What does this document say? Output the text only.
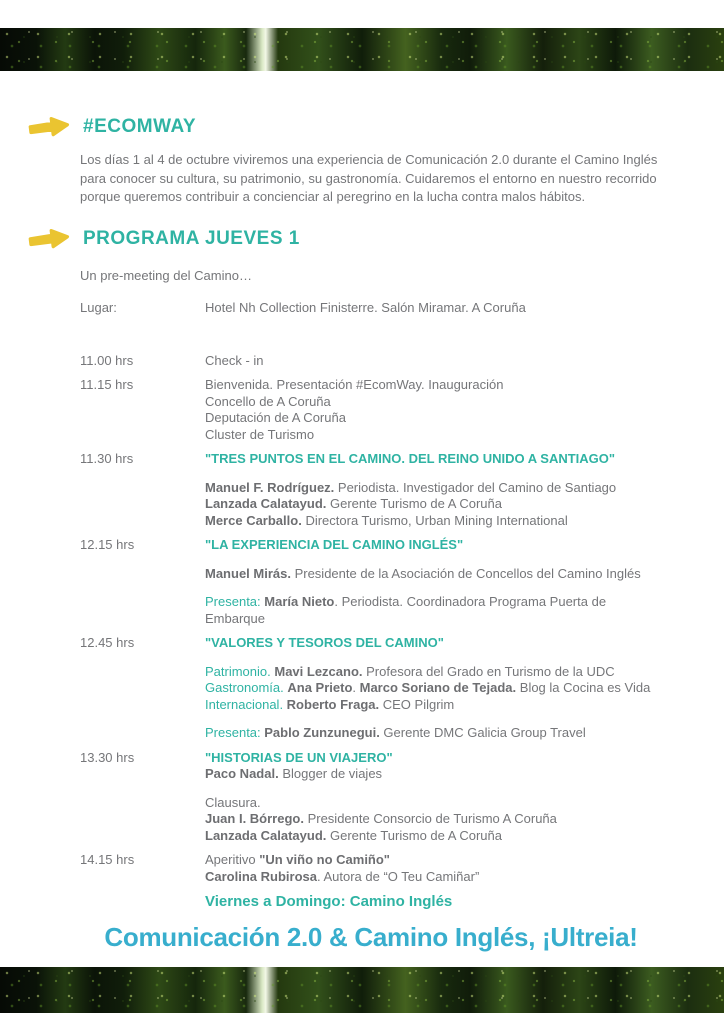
#ECOMWAY

Los días 1 al 4 de octubre viviremos una experiencia de Comunicación 2.0 durante el Camino Inglés para conocer su cultura, su patrimonio, su gastronomía. Cuidaremos el entorno en nuestro recorrido porque queremos contribuir a concienciar al peregrino en la lucha contra malos hábitos.

PROGRAMA JUEVES 1

Un pre-meeting del Camino…

Lugar:	Hotel Nh Collection Finisterre. Salón Miramar. A Coruña
11.00 hrs	Check - in
11.15 hrs	Bienvenida. Presentación #EcomWay. Inauguración
Concello de A Coruña
Deputación de A Coruña
Cluster de Turismo
11.30 hrs	"TRES PUNTOS EN EL CAMINO. DEL REINO UNIDO A SANTIAGO"
Manuel F. Rodríguez. Periodista. Investigador del Camino de Santiago
Lanzada Calatayud. Gerente Turismo de A Coruña
Merce Carballo. Directora Turismo, Urban Mining International
12.15 hrs	"LA EXPERIENCIA DEL CAMINO INGLÉS"
Manuel Mirás. Presidente de la Asociación de Concellos del Camino Inglés
Presenta: María Nieto. Periodista. Coordinadora Programa Puerta de
Embarque
12.45 hrs	"VALORES Y TESOROS DEL CAMINO"
Patrimonio. Mavi Lezcano. Profesora del Grado en Turismo de la UDC
Gastronomía. Ana Prieto. Marco Soriano de Tejada. Blog la Cocina es Vida
Internacional. Roberto Fraga. CEO Pilgrim
Presenta: Pablo Zunzunegui. Gerente DMC Galicia Group Travel
13.30 hrs	"HISTORIAS DE UN VIAJERO"
Paco Nadal. Blogger de viajes
Clausura.
Juan I. Bórrego. Presidente Consorcio de Turismo A Coruña
Lanzada Calatayud. Gerente Turismo de A Coruña
14.15 hrs	Aperitivo "Un viño no Camiño"
Carolina Rubirosa. Autora de “O Teu Camiñar”

Viernes a Domingo: Camino Inglés

Comunicación 2.0 & Camino Inglés, ¡Ultreia!
